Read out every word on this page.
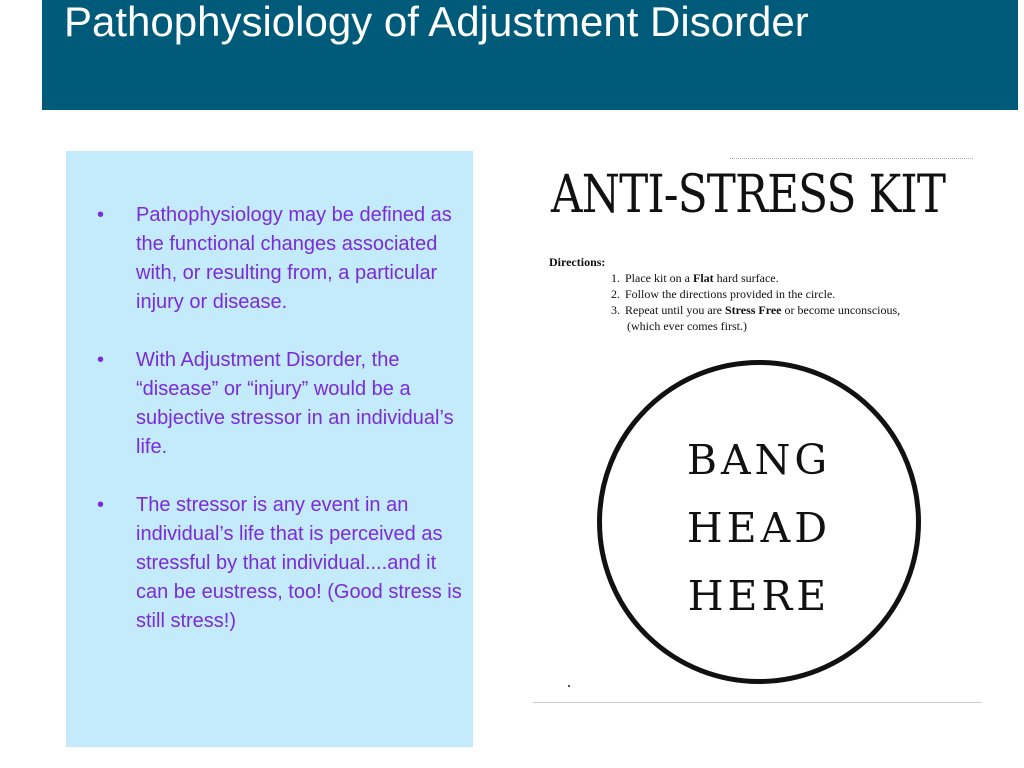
Pathophysiology of Adjustment Disorder
• Pathophysiology may be defined as the functional changes associated with, or resulting from, a particular injury or disease.
• With Adjustment Disorder, the “disease” or “injury” would be a subjective stressor in an individual’s life.
• The stressor is any event in an individual’s life that is perceived as stressful by that individual....and it can be eustress, too! (Good stress is still stress!)
ANTI-STRESS KIT
Directions:
1. Place kit on a Flat hard surface.
2. Follow the directions provided in the circle.
3. Repeat until you are Stress Free or become unconscious,
(which ever comes first.)
BANG
HEAD
HERE
